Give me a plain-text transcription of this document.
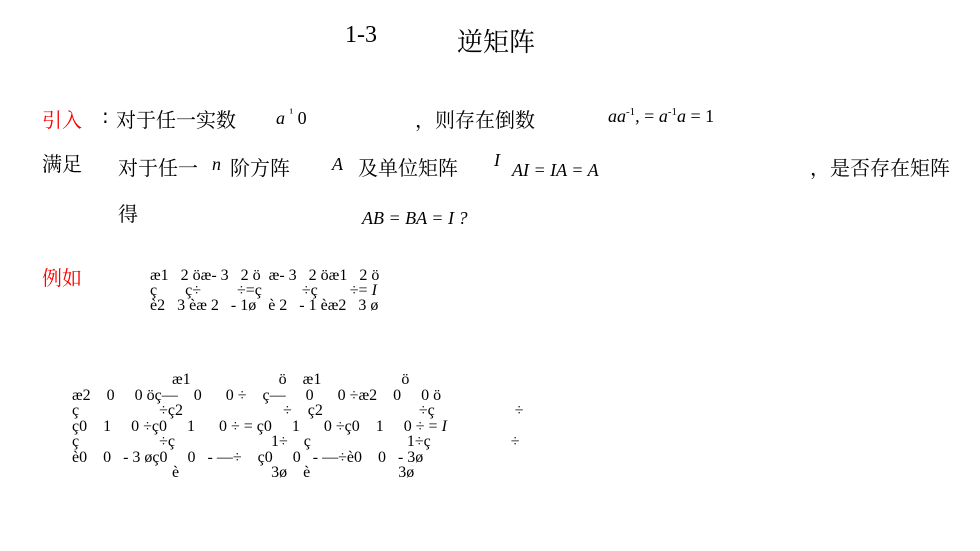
1-3	逆矩阵
引入 : 对于任一实数 a $^{^1}$ 0	，则存在倒数	$aa^{-1}$, = $a^{-1}a = 1$
满足 对于任一 n 阶方阵 A 及单位矩阵 I AI = IA = A	，是否存在矩阵
得	AB = BA = I ?
例如	æ1   2 öæ- 3   2 ö  æ- 3   2 öæ1   2 ö
ç       ç÷         ÷=ç          ÷ç        ÷= I
è2   3 èæ 2   - 1ø   è 2   - 1 èæ2   3 ø
æ1                      ö    æ1                    ö
æ2    0     0 öç—    0      0 ÷    ç—     0      0 ÷æ2    0     0 ö
ç                    ÷ç2                         ÷    ç2                        ÷ç                    ÷
ç0    1     0 ÷ç0     1      0 ÷ = ç0     1      0 ÷ç0    1     0 ÷ = I
ç                    ÷ç                        1÷    ç                        1÷ç                    ÷
è0    0   - 3 øç0     0   - —÷    ç0     0   - —÷è0    0   - 3ø
è                       3ø    è                      3ø
